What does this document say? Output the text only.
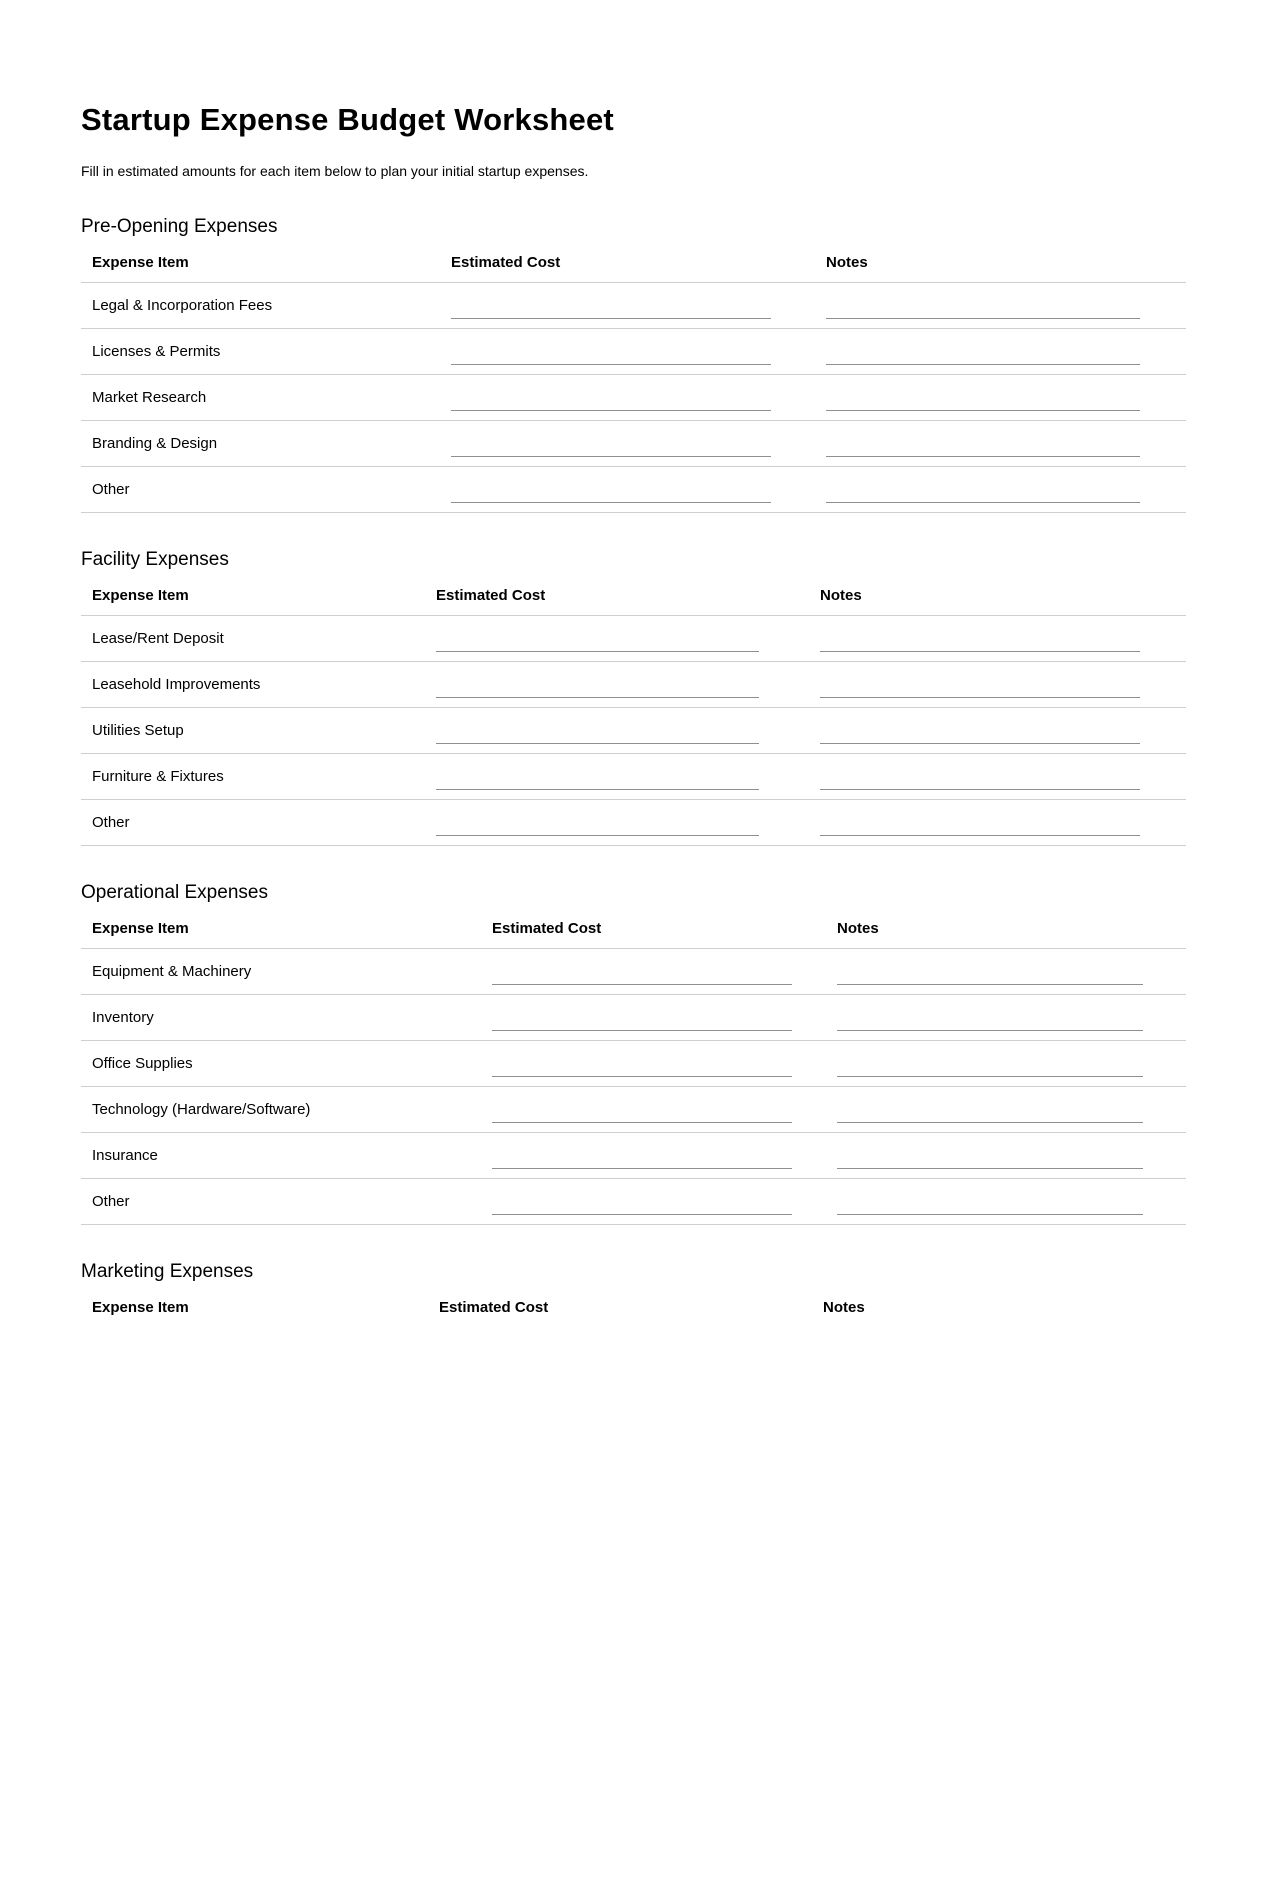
Startup Expense Budget Worksheet

Fill in estimated amounts for each item below to plan your initial startup expenses.

Pre-Opening Expenses
Expense Item	Estimated Cost	Notes
Legal & Incorporation Fees
Licenses & Permits
Market Research
Branding & Design
Other
Facility Expenses
Expense Item	Estimated Cost	Notes
Lease/Rent Deposit
Leasehold Improvements
Utilities Setup
Furniture & Fixtures
Other
Operational Expenses
Expense Item	Estimated Cost	Notes
Equipment & Machinery
Inventory
Office Supplies
Technology (Hardware/Software)
Insurance
Other
Marketing Expenses
Expense Item	Estimated Cost	Notes
